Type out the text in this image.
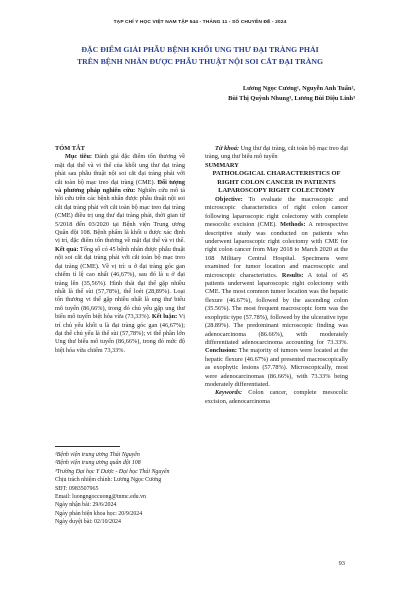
TẠP CHÍ Y HỌC VIỆT NAM TẬP 544 - THÁNG 11 - SỐ CHUYÊN ĐỀ - 2024
ĐẶC ĐIỂM GIẢI PHẪU BỆNH KHỐI UNG THƯ ĐẠI TRÀNG PHẢI
TRÊN BỆNH NHÂN ĐƯỢC PHẪU THUẬT NỘI SOI CẮT ĐẠI TRÀNG
Lương Ngọc Cương¹, Nguyễn Anh Tuấn²,
Bùi Thị Quỳnh Nhung³, Lương Bùi Diệu Linh³
TÓM TẮT

Mục tiêu: Đánh giá đặc điểm tổn thương về mặt đại thể và vi thể của khối ung thư đại tràng phải sau phẫu thuật nội soi cắt đại tràng phải với cắt toàn bộ mạc treo đại tràng (CME). Đối tượng và phương pháp nghiên cứu: Nghiên cứu mô tả hồi cứu trên các bệnh nhân được phẫu thuật nội soi cắt đại tràng phải với cắt toàn bộ mạc treo đại tràng (CME) điều trị ung thư đại tràng phải, thời gian từ 5/2018 đến 03/2020 tại Bệnh viện Trung ương Quân đội 108. Bệnh phẩm là khối u được xác định vị trí, đặc điểm tổn thương về mặt đại thể và vi thể. Kết quả: Tổng số có 45 bệnh nhân được phẫu thuật nội soi cắt đại tràng phải với cắt toàn bộ mạc treo đại tràng (CME). Về vị trí: u ở đại tràng góc gan chiếm tỉ lệ cao nhất (46,67%), sau đó là u ở đại tràng lên (35,56%). Hình thái đại thể gặp nhiều nhất là thể sùi (57,78%), thể loét (28,89%). Loại tổn thương vi thể gặp nhiều nhất là ung thư biểu mô tuyến (86,66%), trong đó chủ yếu gặp ung thư biểu mô tuyến biệt hóa vừa (73,33%). Kết luận: Vị trí chủ yếu khối u là đại tràng góc gan (46,67%); đại thể chủ yếu là thể sùi (57,78%); vi thể phần lớn Ung thư biểu mô tuyến (86,66%), trong đó mức độ biệt hóa vừa chiếm 73,33%.

Từ khoá: Ung thư đại tràng, cắt toàn bộ mạc treo đại tràng, ung thư biểu mô tuyến

SUMMARY
PATHOLOGICAL CHARACTERISTICS OF RIGHT COLON CANCER IN PATIENTS LAPAROSCOPY RIGHT COLECTOMY

Objective: To evaluate the macroscopic and microscopic characteristics of right colon cancer following laparoscopic right colectomy with complete mesocolic excision (CME). Methods: A retrospective descriptive study was conducted on patients who underwent laparoscopic right colectomy with CME for right colon cancer from May 2018 to March 2020 at the 108 Military Central Hospital. Specimens were examined for tumor location and macroscopic and microscopic characteristics. Results: A total of 45 patients underwent laparoscopic right colectomy with CME. The most common tumor location was the hepatic flexure (46.67%), followed by the ascending colon (35.56%). The most frequent macroscopic form was the exophytic type (57.78%), followed by the ulcerative type (28.89%). The predominant microscopic finding was adenocarcinoma (86.66%), with moderately differentiated adenocarcinoma accounting for 73.33%. Conclusion: The majority of tumors were located at the hepatic flexure (46.67%) and presented macroscopically as exophytic lesions (57.78%). Microscopically, most were adenocarcinomas (86.66%), with 73.33% being moderately differentiated.

Keywords: Colon cancer, complete mesocolic excision, adenocarcinoma

¹Bệnh viện trung ương Thái Nguyên
²Bệnh viện trung ương quân đội 108
³Trường Đại học Y Dược - Đại học Thái Nguyên
Chịu trách nhiệm chính: Lương Ngọc Cương
SĐT: 0983507965
Email: luongngoccuong@tnmc.edu.vn
Ngày nhận bài: 29/6/2024
Ngày phản biện khoa học: 20/9/2024
Ngày duyệt bài: 02/10/2024
93
